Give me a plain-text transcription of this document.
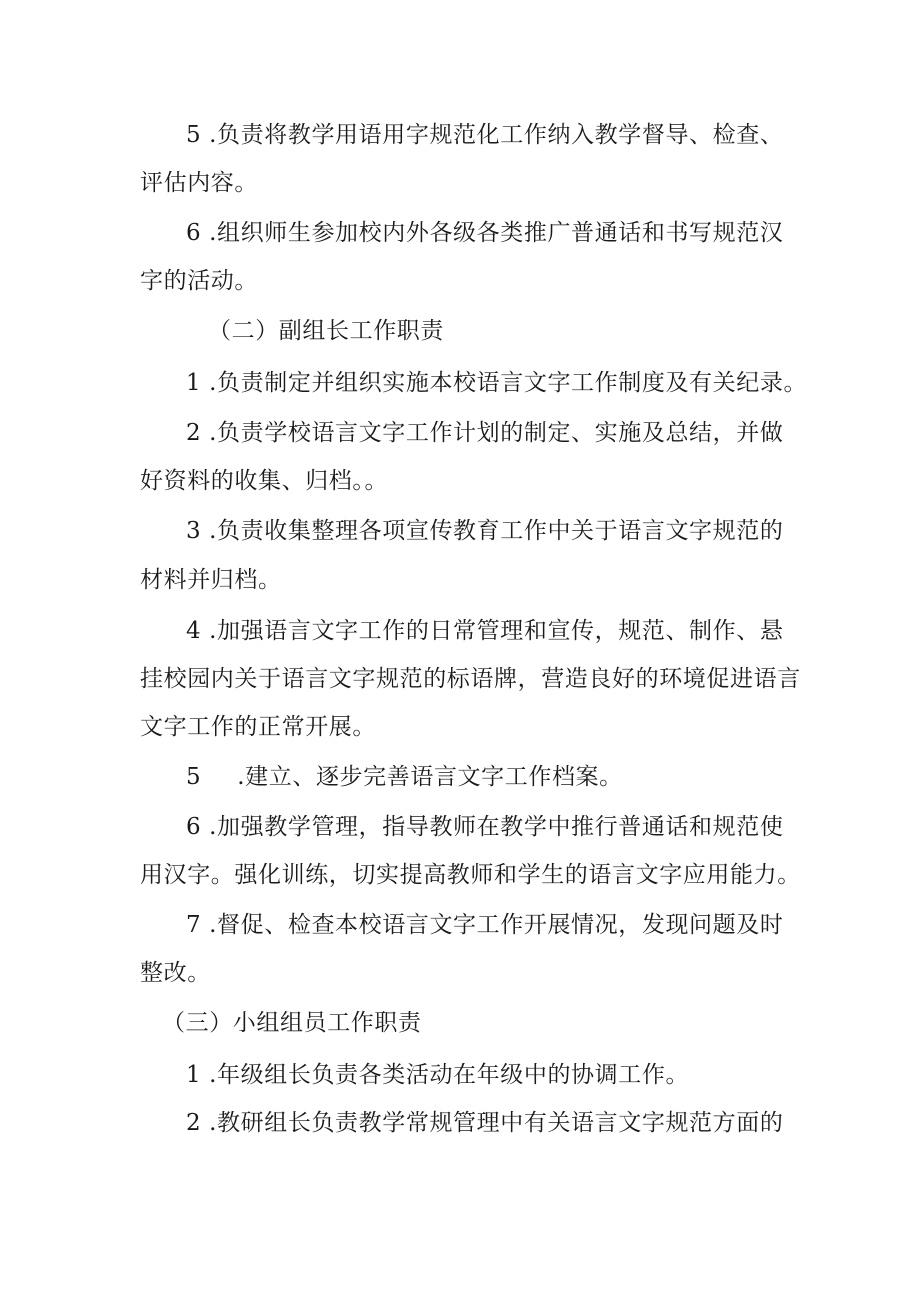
5 .负责将教学用语用字规范化工作纳入教学督导、检查、
评估内容。
6 .组织师生参加校内外各级各类推广普通话和书写规范汉
字的活动。
（二）副组长工作职责
1 .负责制定并组织实施本校语言文字工作制度及有关纪录。
2 .负责学校语言文字工作计划的制定、实施及总结，并做
好资料的收集、归档。。
3 .负责收集整理各项宣传教育工作中关于语言文字规范的
材料并归档。
4 .加强语言文字工作的日常管理和宣传，规范、制作、悬
挂校园内关于语言文字规范的标语牌，营造良好的环境促进语言
文字工作的正常开展。
5 .建立、逐步完善语言文字工作档案。
6 .加强教学管理，指导教师在教学中推行普通话和规范使
用汉字。强化训练，切实提高教师和学生的语言文字应用能力。
7 .督促、检查本校语言文字工作开展情况，发现问题及时
整改。
（三）小组组员工作职责
1 .年级组长负责各类活动在年级中的协调工作。
2 .教研组长负责教学常规管理中有关语言文字规范方面的
